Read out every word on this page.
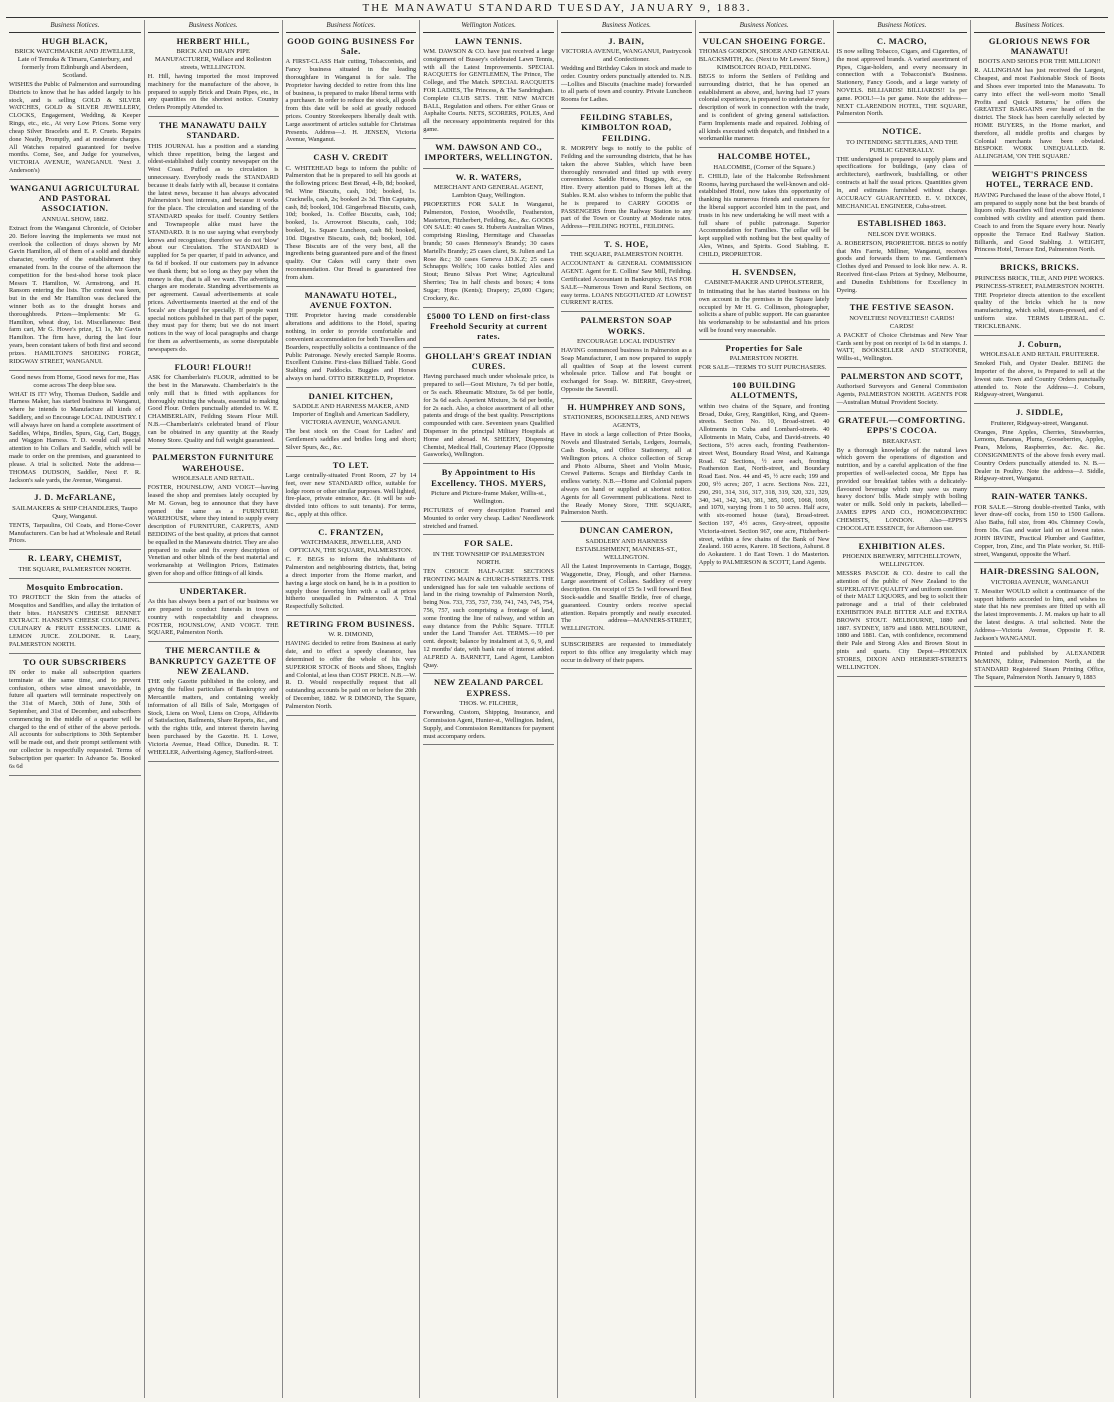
THE MANAWATU STANDARD TUESDAY, JANUARY 9, 1883.
Business Notices.
HUGH BLACK,
BRICK WATCHMAKER AND JEWELLER, Late of Temuka & Timaru, Canterbury, and formerly from Edinburgh and Aberdeen, Scotland.
WISHES the Public of Palmerston and surrounding Districts to know that he has added largely to his stock, and is selling GOLD & SILVER WATCHES, GOLD & SILVER JEWELLERY, CLOCKS, Engagement, Wedding, & Keeper Rings, etc., etc., At very Low Prices. Some very cheap Silver Bracelets and E. P. Cruets. Repairs done Neatly, Promptly, and at moderate charges. All Watches repaired guaranteed for twelve months. Come, See, and Judge for yourselves, VICTORIA AVENUE, WANGANUI. 'Next J. Anderson's)
WANGANUI AGRICULTURAL AND PASTORAL ASSOCIATION.
ANNUAL SHOW, 1882.
Extract from the Wanganui Chronicle, of October 20. Before leaving the implements we must not overlook the collection of drays shown by Mr Gavin Hamilton, all of them of a solid and durable character, worthy of the establishment they emanated from. In the course of the afternoon the competition for the best-shod horse took place Messrs T. Hamilton, W. Armstrong, and H. Ransom entering the lists. The contest was keen, but in the end Mr Hamilton was declared the winner both as to the draught horses and thoroughbreds. Prizes—Implements: Mr G. Hamilton, wheat dray, 1st. Miscellaneous: Best farm cart, Mr G. Howe's prize, £1 1s, Mr Gavin Hamilton. The firm have, during the last four years, been constant takers of both first and second prizes. HAMILTON'S SHOEING FORGE, RIDGWAY STREET, WANGANUI.
Good news from Home, Good news for me, Has come across The deep blue sea.
WHAT IS IT? Why, Thomas Dudson, Saddle and Harness Maker, has started business in Wanganui, where he intends to Manufacture all kinds of Saddlery, and so Encourage LOCAL INDUSTRY. I will always have on hand a complete assortment of Saddles, Whips, Bridles, Spurs, Gig, Cart, Buggy, and Waggon Harness. T. D. would call special attention to his Collars and Saddle, which will be made to order on the premises, and guaranteed to please. A trial is solicited. Note the address—THOMAS DUDSON, Saddler, Next F. R. Jackson's sale yards, the Avenue, Wanganui.
J. D. McFARLANE,
SAILMAKERS & SHIP CHANDLERS, Taupo Quay, Wanganui.
TENTS, Tarpaulins, Oil Coats, and Horse-Cover Manufacturers. Can be had at Wholesale and Retail Prices.
R. LEARY, CHEMIST,
THE SQUARE, PALMERSTON NORTH.
Mosquito Embrocation.
TO PROTECT the Skin from the attacks of Mosquitos and Sandflies, and allay the irritation of their bites. HANSEN'S CHEESE RENNET EXTRACT. HANSEN'S CHEESE COLOURING. CULINARY & FRUIT ESSENCES. LIME & LEMON JUICE. ZOLDONE. R. Leary, PALMERSTON NORTH.
TO OUR SUBSCRIBERS
IN order to make all subscription quarters terminate at the same time, and to prevent confusion, others wise almost unavoidable, in future all quarters will terminate respectively on the 31st of March, 30th of June, 30th of September, and 31st of December, and subscribers commencing in the middle of a quarter will be charged to the end of either of the above periods. All accounts for subscriptions to 30th September will be made out, and their prompt settlement with our collector is respectfully requested. Terms of Subscription per quarter: In Advance 5s. Booked 6s 6d
Business Notices.
HERBERT HILL,
BRICK AND DRAIN PIPE MANUFACTURER, Wallace and Rolleston streets, WELLINGTON.
H. Hill, having imported the most improved machinery for the manufacture of the above, is prepared to supply Brick and Drain Pipes, etc., in any quantities on the shortest notice. Country Orders Promptly Attended to.
THE MANAWATU DAILY STANDARD.
THIS JOURNAL has a position and a standing which three repetition, being the largest and oldest-established daily country newspaper on the West Coast. Puffed as to circulation is unnecessary. Everybody reads the STANDARD because it deals fairly with all, because it contains the latest news, because it has always advocated Palmerston's best interests, and because it works for the place. The circulation and standing of the STANDARD speaks for itself. Country Settlers and Townspeople alike must have the STANDARD. It is no use saying what everybody knows and recognises; therefore we do not 'blow' about our Circulation. The STANDARD is supplied for 5s per quarter, if paid in advance, and 6s 6d if booked. If our customers pay in advance we thank them; but so long as they pay when the money is due, that is all we want. The advertising charges are moderate. Standing advertisements as per agreement. Casual advertisements at scale prices. Advertisements inserted at the end of the 'locals' are charged for specially. If people want special notices published in that part of the paper, they must pay for them; but we do not insert notices in the way of local paragraphs and charge for them as advertisements, as some disreputable newspapers do.
FLOUR! FLOUR!!
ASK for Chamberlain's FLOUR, admitted to be the best in the Manawatu. Chamberlain's is the only mill that is fitted with appliances for thoroughly mixing the wheats, essential to making Good Flour. Orders punctually attended to. W. E. CHAMBERLAIN, Feilding Steam Flour Mill. N.B.—Chamberlain's celebrated brand of Flour can be obtained in any quantity at the Ready Money Store. Quality and full weight guaranteed.
PALMERSTON FURNITURE WAREHOUSE.
WHOLESALE AND RETAIL.
FOSTER, HOUNSLOW, AND VOIGT—having leased the shop and premises lately occupied by Mr M. Govan, beg to announce that they have opened the same as a FURNITURE WAREHOUSE, where they intend to supply every description of FURNITURE, CARPETS, AND BEDDING of the best quality, at prices that cannot be equalled in the Manawatu district. They are also prepared to make and fix every description of Venetian and other blinds of the best material and workmanship at Wellington Prices, Estimates given for shop and office fittings of all kinds.
UNDERTAKER.
As this has always been a part of our business we are prepared to conduct funerals in town or country with respectability and cheapness. FOSTER, HOUNSLOW, AND VOIGT. THE SQUARE, Palmerston North.
THE MERCANTILE & BANKRUPTCY GAZETTE OF NEW ZEALAND.
THE only Gazette published in the colony, and giving the fullest particulars of Bankruptcy and Mercantile matters, and containing weekly information of all Bills of Sale, Mortgages of Stock, Liens on Wool, Liens on Crops, Affidavits of Satisfaction, Bailments, Share Reports, &c., and with the rights title, and interest therein having been purchased by the Gazette. H. I. Lowe, Victoria Avenue, Head Office, Dunedin. R. T. WHEELER, Advertising Agency, Stafford-street.
Business Notices.
GOOD GOING BUSINESS For Sale.
A FIRST-CLASS Hair cutting, Tobacconists, and Fancy business situated in the leading thoroughfare in Wanganui is for sale. The Proprietor having decided to retire from this line of business, is prepared to make liberal terms with a purchaser. In order to reduce the stock, all goods from this date will be sold at greatly reduced prices. Country Storekeepers liberally dealt with. Large assortment of articles suitable for Christmas Presents. Address—J. H. JENSEN, Victoria Avenue, Wanganui.
CASH V. CREDIT
C. WHITEHEAD begs to inform the public of Palmerston that he is prepared to sell his goods at the following prices: Best Bread, 4-lb, 8d; booked, 9d. Wine Biscuits, cash, 10d; booked, 1s. Cracknells, cash, 2s; booked 2s 3d. Thin Captains, cash, 8d; booked, 10d. Gingerbread Biscuits, cash, 10d; booked, 1s. Coffee Biscuits, cash, 10d; booked, 1s. Arrowroot Biscuits, cash, 10d; booked, 1s. Square Luncheon, cash 8d; booked, 10d. Digestive Biscuits, cash, 8d; booked, 10d. These Biscuits are of the very best, all the ingredients being guaranteed pure and of the finest quality. Our Cakes will carry their own recommendation. Our Bread is guaranteed free from alum.
MANAWATU HOTEL, AVENUE FOXTON.
THE Proprietor having made considerable alterations and additions to the Hotel, sparing nothing, in order to provide comfortable and convenient accommodation for both Travellers and Boarders, respectfully solicits a continuance of the Public Patronage. Newly erected Sample Rooms. Excellent Cuisine. First-class Billiard Table. Good Stabling and Paddocks. Buggies and Horses always on hand. OTTO BERKEFELD, Proprietor.
DANIEL KITCHEN,
SADDLE AND HARNESS MAKER, AND Importer of English and American Saddlery, VICTORIA AVENUE, WANGANUI.
The best stock on the Coast for Ladies' and Gentlemen's saddles and bridles long and short; Silver Spurs, &c., &c.
TO LET.
Large centrally-situated Front Room, 27 by 14 feet, over new STANDARD office, suitable for lodge room or other similar purposes. Well lighted, fire-place, private entrance, &c. (it will be sub-divided into offices to suit tenants). For terms, &c., apply at this office.
C. FRANTZEN,
WATCHMAKER, JEWELLER, AND OPTICIAN, THE SQUARE, PALMERSTON.
C. F. BEGS to inform the inhabitants of Palmerston and neighbouring districts, that, being a direct importer from the Home market, and having a large stock on hand, he is in a position to supply those favoring him with a call at prices hitherto unequalled in Palmerston. A Trial Respectfully Solicited.
RETIRING FROM BUSINESS.
W. R. DIMOND,
HAVING decided to retire from Business at early date, and to effect a speedy clearance, has determined to offer the whole of his very SUPERIOR STOCK of Boots and Shoes, English and Colonial, at less than COST PRICE. N.B.—W. R. D. Would respectfully request that all outstanding accounts be paid on or before the 20th of December, 1882. W R DIMOND, The Square, Palmerston North.
Wellington Notices.
LAWN TENNIS.
WM. DAWSON & CO. have just received a large consignment of Bussey's celebrated Lawn Tennis, with all the Latest Improvements. SPECIAL RACQUETS for GENTLEMEN, The Prince, The College, and The Match. SPECIAL RACQUETS FOR LADIES, The Princess, & The Sandringham. Complete CLUB SETS. THE NEW MATCH BALL, Regulation and others. For either Grass or Asphalte Courts. NETS, SCORERS, POLES, And all the necessary appointments required for this game.
WM. DAWSON AND CO., IMPORTERS, WELLINGTON.
W. R. WATERS,
MERCHANT AND GENERAL AGENT, Lambton Quay, Wellington.
PROPERTIES FOR SALE In Wanganui, Palmerston, Foxton, Woodville, Featherston, Masterton, Fitzherbert, Feilding, &c., &c. GOODS ON SALE: 40 cases St. Huberts Australian Wines, comprising Riesling, Hermitage and Chasselas brands; 50 cases Hennessy's Brandy; 30 cases Martell's Brandy; 25 cases claret, St. Julien and La Rose &c.; 30 cases Geneva J.D.K.Z; 25 cases Schnapps Wolfe's; 100 casks bottled Ales and Stout; Bruno Silvas Port Wine; Agricultural Sherries; Tea in half chests and boxes; 4 tons Sugar; Hops (Kents); Drapery; 25,000 Cigars; Crockery, &c.
£5000 TO LEND on first-class Freehold Security at current rates.
GHOLLAH'S GREAT INDIAN CURES.
Having purchased much under wholesale price, is prepared to sell—Gout Mixture, 7s 6d per bottle, or 5s each. Rheumatic Mixture, 5s 6d per bottle, for 3s 6d each. Aperient Mixture, 3s 6d per bottle, for 2s each. Also, a choice assortment of all other patents and drugs of the best quality. Prescriptions compounded with care. Seventeen years Qualified Dispenser in the principal Military Hospitals at Home and abroad. M. SHEEHY, Dispensing Chemist, Medical Hall, Courtenay Place (Opposite Gasworks), Wellington.
By Appointment to His Excellency. THOS. MYERS,
Picture and Picture-frame Maker, Willis-st., Wellington.
PICTURES of every description Framed and Mounted to order very cheap. Ladies' Needlework stretched and framed.
FOR SALE.
IN THE TOWNSHIP OF PALMERSTON NORTH.
TEN CHOICE HALF-ACRE SECTIONS FRONTING MAIN & CHURCH-STREETS. THE undersigned has for sale ten valuable sections of land in the rising township of Palmerston North, being Nos. 733, 735, 737, 739, 741, 743, 745, 754, 756, 757, such comprising a frontage of land, some fronting the line of railway, and within an easy distance from the Public Square. TITLE under the Land Transfer Act. TERMS.—10 per cent. deposit; balance by instalment at 3, 6, 9, and 12 months' date, with bank rate of interest added. ALFRED A. BARNETT, Land Agent, Lambton Quay.
NEW ZEALAND PARCEL EXPRESS.
THOS. W. FILCHER,
Forwarding, Custom, Shipping, Insurance, and Commission Agent, Hunter-st., Wellington. Indent, Supply, and Commission Remittances for payment must accompany orders.
Business Notices.
J. BAIN,
VICTORIA AVENUE, WANGANUI, Pastrycook and Confectioner.
Wedding and Birthday Cakes in stock and made to order. Country orders punctually attended to. N.B.—Lollies and Biscuits (machine made) forwarded to all parts of town and country. Private Luncheon Rooms for Ladies.
FEILDING STABLES, KIMBOLTON ROAD, FEILDING.
R. MORPHY begs to notify to the public of Feilding and the surrounding districts, that he has taken the above Stables, which have been thoroughly renovated and fitted up with every convenience. Saddle Horses, Buggies, &c., on Hire. Every attention paid to Horses left at the Stables. R.M. also wishes to inform the public that he is prepared to CARRY GOODS or PASSENGERS from the Railway Station to any part of the Town or Country at Moderate rates. Address—FEILDING HOTEL, FEILDING.
T. S. HOE,
THE SQUARE, PALMERSTON NORTH.
ACCOUNTANT & GENERAL COMMISSION AGENT. Agent for E. Collins' Saw Mill, Feilding. Certificated Accountant in Bankruptcy. HAS FOR SALE—Numerous Town and Rural Sections, on easy terms. LOANS NEGOTIATED AT LOWEST CURRENT RATES.
PALMERSTON SOAP WORKS.
ENCOURAGE LOCAL INDUSTRY
HAVING commenced business in Palmerston as a Soap Manufacturer, I am now prepared to supply all qualities of Soap at the lowest current wholesale price. Tallow and Fat bought or exchanged for Soap. W. BIERRE, Grey-street, Opposite the Sawmill.
H. HUMPHREY AND SONS,
STATIONERS, BOOKSELLERS, AND NEWS AGENTS,
Have in stock a large collection of Prize Books, Novels and Illustrated Serials, Ledgers, Journals, Cash Books, and Office Stationery, all at Wellington prices. A choice collection of Scrap and Photo Albums, Sheet and Violin Music, Crewel Patterns. Scraps and Birthday Cards in endless variety. N.B.—Home and Colonial papers always on hand or supplied at shortest notice. Agents for all Government publications. Next to the Ready Money Store, THE SQUARE, Palmerston North.
DUNCAN CAMERON,
SADDLERY AND HARNESS ESTABLISHMENT, MANNERS-ST., WELLINGTON.
All the Latest Improvements in Carriage, Buggy, Waggonette, Dray, Plough, and other Harness. Large assortment of Collars. Saddlery of every description. On receipt of £5 5s I will forward Best Stock-saddle and Snaffle Bridle, free of charge, guaranteed. Country orders receive special attention. Repairs promptly and neatly executed. The address—MANNERS-STREET, WELLINGTON.
SUBSCRIBERS are requested to immediately report to this office any irregularity which may occur in delivery of their papers.
Business Notices.
VULCAN SHOEING FORGE.
THOMAS GORDON, SHOER AND GENERAL BLACKSMITH, &c. (Next to Mr Lewers' Store,) KIMBOLTON ROAD, FEILDING.
BEGS to inform the Settlers of Feilding and surrounding district, that he has opened an establishment as above, and, having had 17 years colonial experience, is prepared to undertake every description of work in connection with the trade, and is confident of giving general satisfaction. Farm Implements made and repaired. Jobbing of all kinds executed with despatch, and finished in a workmanlike manner.
HALCOMBE HOTEL,
HALCOMBE, (Corner of the Square.)
E. CHILD, late of the Halcombe Refreshment Rooms, having purchased the well-known and old-established Hotel, now takes this opportunity of thanking his numerous friends and customers for the liberal support accorded him in the past, and trusts in his new undertaking he will meet with a full share of public patronage. Superior Accommodation for Families. The cellar will be kept supplied with nothing but the best quality of Ales, Wines, and Spirits. Good Stabling. E. CHILD, PROPRIETOR.
H. SVENDSEN,
CABINET-MAKER AND UPHOLSTERER,
In intimating that he has started business on his own account in the premises in the Square lately occupied by Mr H. G. Collinson, photographer, solicits a share of public support. He can guarantee his workmanship to be substantial and his prices will be found very reasonable.
Properties for Sale
PALMERSTON NORTH.
FOR SALE—TERMS TO SUIT PURCHASERS.
100 BUILDING ALLOTMENTS,
within two chains of the Square, and fronting Broad, Duke, Grey, Rangitikei, King, and Queen-streets. Section No. 10, Broad-street. 40 Allotments in Cuba and Lombard-streets. 40 Allotments in Main, Cuba, and David-streets. 40 Sections, 5½ acres each, fronting Featherston-street West, Boundary Road West, and Kairanga Road. 62 Sections, ½ acre each, fronting Featherston East, North-street, and Boundary Road East. Nos. 44 and 45, ½ acre each; 199 and 200, 9½ acres; 207, 1 acre. Sections Nos. 221, 290, 291, 314, 316, 317, 318, 319, 320, 321, 329, 340, 341, 342, 343, 381, 385, 1005, 1068, 1069, and 1070, varying from 1 to 50 acres. Half acre, with six-roomed house (tara), Broad-street. Section 197, 4½ acres, Grey-street, opposite Victoria-street. Section 967, one acre, Fitzherbert-street, within a few chains of the Bank of New Zealand. 160 acres, Karere. 18 Sections, Ashurst. 8 do Aokautere. 1 do East Town. 1 do Masterton. Apply to PALMERSON & SCOTT, Land Agents.
Business Notices.
C. MACRO,
IS now selling Tobacco, Cigars, and Cigarettes, of the most approved brands. A varied assortment of Pipes, Cigar-holders, and every necessary in connection with a Tobacconist's Business. Stationery, Fancy Goods, and a large variety of NOVELS. BILLIARDS! BILLIARDS!! 1s per game. POOL!—1s per game. Note the address—NEXT CLARENDON HOTEL, THE SQUARE, Palmerston North.
NOTICE.
TO INTENDING SETTLERS, AND THE PUBLIC GENERALLY.
THE undersigned is prepared to supply plans and specifications for buildings, (any class of architecture), earthwork, bushfalling, or other contracts at half the usual prices. Quantities given in, and estimates furnished without charge. ACCURACY GUARANTEED. E. V. DIXON, MECHANICAL ENGINEER, Cuba-street.
ESTABLISHED 1863.
NELSON DYE WORKS.
A. ROBERTSON, PROPRIETOR. BEGS to notify that Mrs Farrie, Milliner, Wanganui, receives goods and forwards them to me. Gentlemen's Clothes dyed and Pressed to look like new. A. R. Received first-class Prizes at Sydney, Melbourne, and Dunedin Exhibitions for Excellency in Dyeing.
THE FESTIVE SEASON.
NOVELTIES! NOVELTIES!! CARDS! CARDS!
A PACKET of Choice Christmas and New Year Cards sent by post on receipt of 1s 6d in stamps. J. WATT, BOOKSELLER AND STATIONER, Willis-st., Wellington.
PALMERSTON AND SCOTT,
Authorised Surveyors and General Commission Agents, PALMERSTON NORTH. AGENTS FOR—Australian Mutual Provident Society.
GRATEFUL—COMFORTING. EPPS'S COCOA.
BREAKFAST.
By a thorough knowledge of the natural laws which govern the operations of digestion and nutrition, and by a careful application of the fine properties of well-selected cocoa, Mr Epps has provided our breakfast tables with a delicately-flavoured beverage which may save us many heavy doctors' bills. Made simply with boiling water or milk. Sold only in packets, labelled—JAMES EPPS AND CO., HOMOEOPATHIC CHEMISTS, LONDON. Also—EPPS'S CHOCOLATE ESSENCE, for Afternoon use.
EXHIBITION ALES.
PHOENIX BREWERY, MITCHELLTOWN, WELLINGTON.
MESSRS PASCOE & CO. desire to call the attention of the public of New Zealand to the SUPERLATIVE QUALITY and uniform condition of their MALT LIQUORS, and beg to solicit their patronage and a trial of their celebrated EXHIBITION PALE BITTER ALE and EXTRA BROWN STOUT. MELBOURNE, 1880 and 1887. SYDNEY, 1879 and 1880. MELBOURNE, 1880 and 1881. Can, with confidence, recommend their Pale and Strong Ales and Brown Stout in pints and quarts. City Depot—PHOENIX STORES, DIXON AND HERBERT-STREETS WELLINGTON.
Business Notices.
GLORIOUS NEWS FOR MANAWATU!
BOOTS AND SHOES FOR THE MILLION!!
R. ALLINGHAM has just received the Largest, Cheapest, and most Fashionable Stock of Boots and Shoes ever imported into the Manawatu. To carry into effect the well-worn motto 'Small Profits and Quick Returns,' he offers the GREATEST BARGAINS ever heard of in the district. The Stock has been carefully selected by HOME BUYERS, in the Home market, and therefore, all middle profits and charges by Colonial merchants have been obviated. BESPOKE WORK UNEQUALLED. R. ALLINGHAM, 'ON THE SQUARE.'
WEIGHT'S PRINCESS HOTEL, TERRACE END.
HAVING Purchased the lease of the above Hotel, I am prepared to supply none but the best brands of liquors only. Boarders will find every convenience combined with civility and attention paid them. Coach to and from the Square every hour. Nearly opposite the Terrace End Railway Station. Billiards, and Good Stabling. J. WEIGHT, Princess Hotel, Terrace End, Palmerston North.
BRICKS, BRICKS.
PRINCESS BRICK, TILE, AND PIPE WORKS. PRINCESS-STREET, PALMERSTON NORTH.
THE Proprietor directs attention to the excellent quality of the bricks which he is now manufacturing, which solid, steam-pressed, and of uniform size. TERMS LIBERAL. C. TRICKLEBANK.
J. Coburn,
WHOLESALE AND RETAIL FRUITERER.
Smoked Fish, and Oyster Dealer. BEING the Importer of the above, is Prepared to sell at the lowest rate. Town and Country Orders punctually attended to. Note the Address—J. Coburn, Ridgway-street, Wanganui.
J. SIDDLE,
Fruiterer, Ridgway-street, Wanganui.
Oranges, Pine Apples, Cherries, Strawberries, Lemons, Bananas, Plums, Gooseberries, Apples, Pears, Melons, Raspberries, &c. &c. &c. CONSIGNMENTS of the above fresh every mail. Country Orders punctually attended to. N. B.—Dealer in Poultry. Note the address—J. Siddle, Ridgway-street, Wanganui.
RAIN-WATER TANKS.
FOR SALE.—Strong double-rivetted Tanks, with lever draw-off cocks, from 150 to 1500 Gallons. Also Baths, full size, from 40s. Chimney Cowls, from 10s. Gas and water laid on at lowest rates. JOHN IRVINE, Practical Plumber and Gasfitter, Copper, Iron, Zinc, and Tin Plate worker, St. Hill-street, Wanganui, opposite the Wharf.
HAIR-DRESSING SALOON,
VICTORIA AVENUE, WANGANUI
T. Messiter WOULD solicit a continuance of the support hitherto accorded to him, and wishes to state that his new premises are fitted up with all the latest improvements. J. M. makes up hair to all the latest designs. A trial solicited. Note the Address—Victoria Avenue, Opposite F. R. Jackson's WANGANUI.
Printed and published by ALEXANDER McMINN, Editor, Palmerston North, at the STANDARD Registered Steam Printing Office, The Square, Palmerston North. January 9, 1883
